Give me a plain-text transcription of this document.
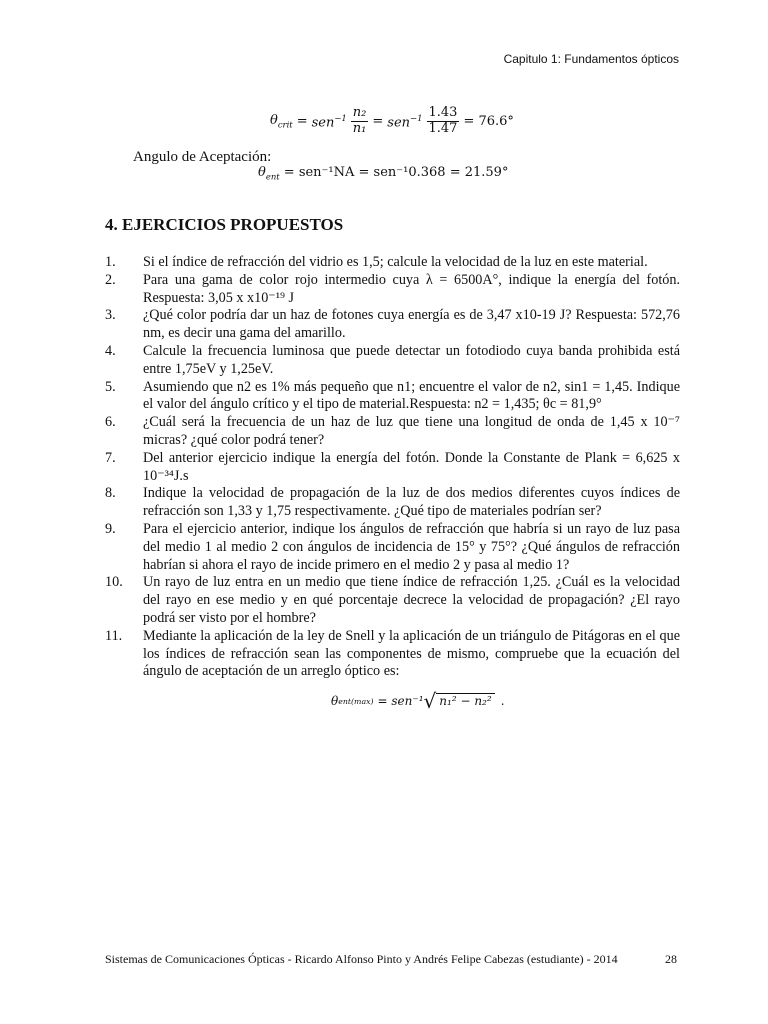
Capitulo 1: Fundamentos ópticos
$\theta_{crit} = sen^{-1} \frac{\text{n₂}}{\text{n₁}} = sen^{-1} \frac{1.43}{1.47} = 76.6^\circ$
Angulo de Aceptación:
$\theta_{ent} = sen^{-1}NA = sen^{-1}0.368 = 21.59^\circ$
4. EJERCICIOS PROPUESTOS
1.	Si el índice de refracción del vidrio es 1,5; calcule la velocidad de la luz en este material.
2.	Para una gama de color rojo intermedio cuya λ = 6500A°, indique la energía del fotón. Respuesta: 3,05 x x10⁻¹⁹ J
3.	¿Qué color podría dar un haz de fotones cuya energía es de 3,47 x10-19 J? Respuesta: 572,76 nm, es decir una gama del amarillo.
4.	Calcule la frecuencia luminosa que puede detectar un fotodiodo cuya banda prohibida está entre 1,75eV y 1,25eV.
5.	Asumiendo que n2 es 1% más pequeño que n1; encuentre el valor de n2, sin1 = 1,45. Indique el valor del ángulo crítico y el tipo de material.Respuesta: n2 = 1,435; θc = 81,9°
6.	¿Cuál será la frecuencia de un haz de luz que tiene una longitud de onda de 1,45 x 10⁻⁷ micras? ¿qué color podrá tener?
7.	Del anterior ejercicio indique la energía del fotón. Donde la Constante de Plank = 6,625 x 10⁻³⁴J.s
8.	Indique la velocidad de propagación de la luz de dos medios diferentes cuyos índices de refracción son 1,33 y 1,75 respectivamente. ¿Qué tipo de materiales podrían ser?
9.	Para el ejercicio anterior, indique los ángulos de refracción que habría si un rayo de luz pasa del medio 1 al medio 2 con ángulos de incidencia de 15° y 75°? ¿Qué ángulos de refracción habrían si ahora el rayo de incide primero en el medio 2 y pasa al medio 1?
10.	Un rayo de luz entra en un medio que tiene índice de refracción 1,25. ¿Cuál es la velocidad del rayo en ese medio y en qué porcentaje decrece la velocidad de propagación? ¿El rayo podrá ser visto por el hombre?
11.	Mediante la aplicación de la ley de Snell y la aplicación de un triángulo de Pitágoras en el que los índices de refracción sean las componentes de mismo, compruebe que la ecuación del ángulo de aceptación de un arreglo óptico es:
θ ent(max) = sen⁻¹ √ n₁² − n₂² .
Sistemas de Comunicaciones Ópticas - Ricardo Alfonso Pinto y Andrés Felipe Cabezas (estudiante) - 2014	28
